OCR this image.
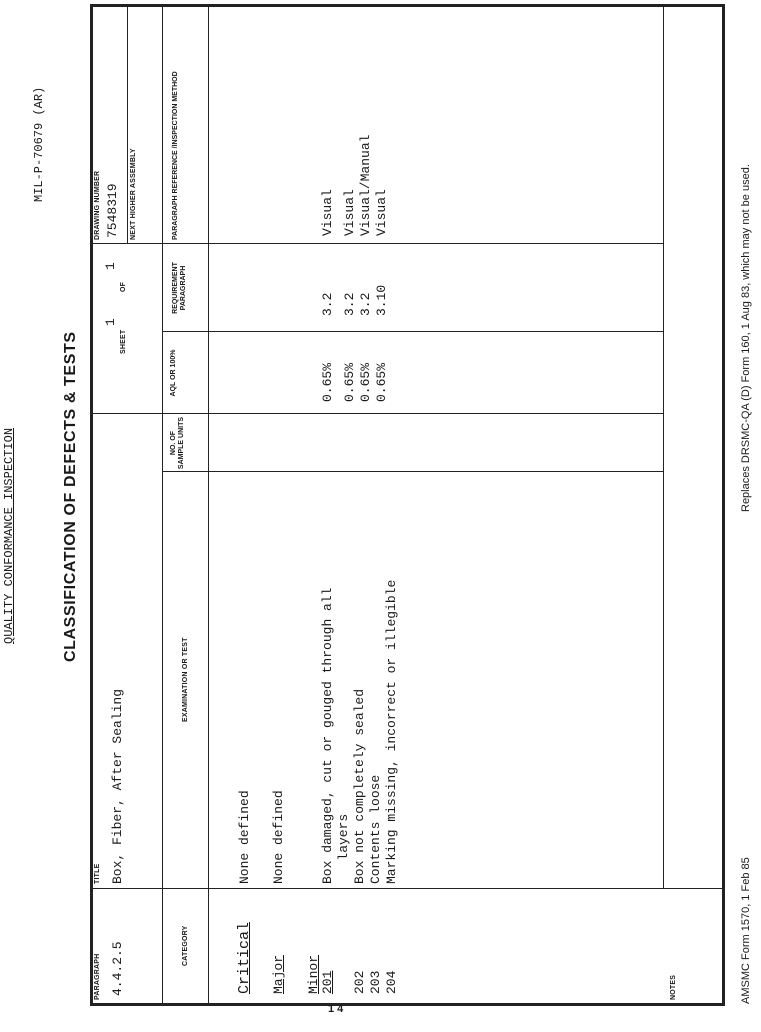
QUALITY CONFORMANCE INSPECTION
MIL-P-70679 (AR)
CLASSIFICATION OF DEFECTS & TESTS
PARAGRAPH 4.4.2.5
TITLE Box, Fiber, After Sealing
SHEET
1
OF
1
DRAWING NUMBER 7548319 NEXT HIGHER ASSEMBLY
CATEGORY
EXAMINATION OR TEST
NO. OF SAMPLE UNITS
AQL OR 100%
REQUIREMENT PARAGRAPH
PARAGRAPH REFERENCE /INSPECTION METHOD
Critical
None defined
Major
None defined
Minor 201
Box damaged, cut or gouged through all
0.65%
3.2
Visual
layers
202
Box not completely sealed
0.65%
3.2
Visual
203
Contents loose
0.65%
3.2
Visual/Manual
204
Marking missing, incorrect or illegible
0.65%
3.10
Visual
NOTES	AMSMC Form 1570, 1 Feb 85
Replaces DRSMC-QA (D) Form 160, 1 Aug 83, which may not be used.
1 4
